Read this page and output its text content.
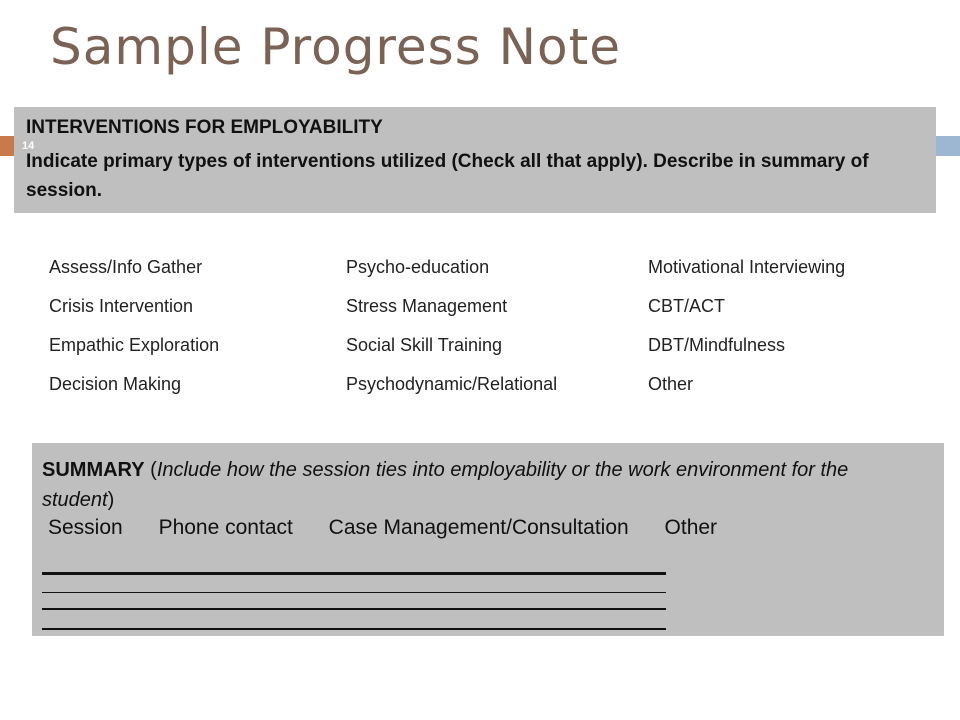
Sample Progress Note
14
INTERVENTIONS FOR EMPLOYABILITY
Indicate primary types of interventions utilized (Check all that apply). Describe in summary of session.
Assess/Info Gather	Psycho-education	Motivational Interviewing
Crisis Intervention	Stress Management	CBT/ACT
Empathic Exploration	Social Skill Training	DBT/Mindfulness
Decision Making	Psychodynamic/Relational	Other
SUMMARY (Include how the session ties into employability or the work environment for the student)
Session Phone contact Case Management/Consultation Other
